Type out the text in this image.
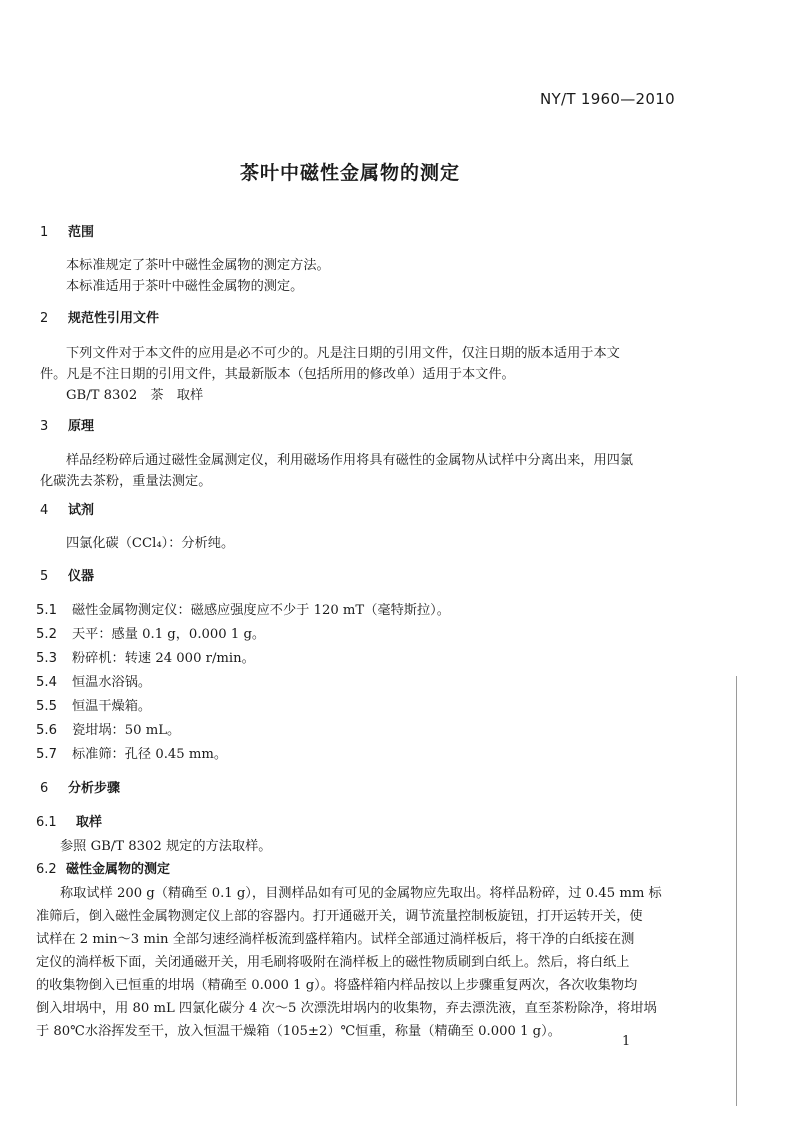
NY/T 1960—2010
茶叶中磁性金属物的测定
1 范围
本标准规定了茶叶中磁性金属物的测定方法。
本标准适用于茶叶中磁性金属物的测定。
2 规范性引用文件
下列文件对于本文件的应用是必不可少的。凡是注日期的引用文件，仅注日期的版本适用于本文
件。凡是不注日期的引用文件，其最新版本（包括所用的修改单）适用于本文件。
GB/T 8302　茶　取样
3 原理
样品经粉碎后通过磁性金属测定仪，利用磁场作用将具有磁性的金属物从试样中分离出来，用四氯
化碳洗去茶粉，重量法测定。
4 试剂
四氯化碳（CCl₄）：分析纯。
5 仪器
5.1 磁性金属物测定仪：磁感应强度应不少于 120 mT（毫特斯拉）。
5.2 天平：感量 0.1 g，0.000 1 g。
5.3 粉碎机：转速 24 000 r/min。
5.4 恒温水浴锅。
5.5 恒温干燥箱。
5.6 瓷坩埚：50 mL。
5.7 标准筛：孔径 0.45 mm。
6 分析步骤
6.1 取样
参照 GB/T 8302 规定的方法取样。
6.2 磁性金属物的测定
称取试样 200 g（精确至 0.1 g），目测样品如有可见的金属物应先取出。将样品粉碎，过 0.45 mm 标
准筛后，倒入磁性金属物测定仪上部的容器内。打开通磁开关，调节流量控制板旋钮，打开运转开关，使
试样在 2 min～3 min 全部匀速经淌样板流到盛样箱内。试样全部通过淌样板后，将干净的白纸接在测
定仪的淌样板下面，关闭通磁开关，用毛刷将吸附在淌样板上的磁性物质刷到白纸上。然后，将白纸上
的收集物倒入已恒重的坩埚（精确至 0.000 1 g）。将盛样箱内样品按以上步骤重复两次，各次收集物均
倒入坩埚中，用 80 mL 四氯化碳分 4 次～5 次漂洗坩埚内的收集物，弃去漂洗液，直至茶粉除净，将坩埚
于 80℃水浴挥发至干，放入恒温干燥箱（105±2）℃恒重，称量（精确至 0.000 1 g）。
1
